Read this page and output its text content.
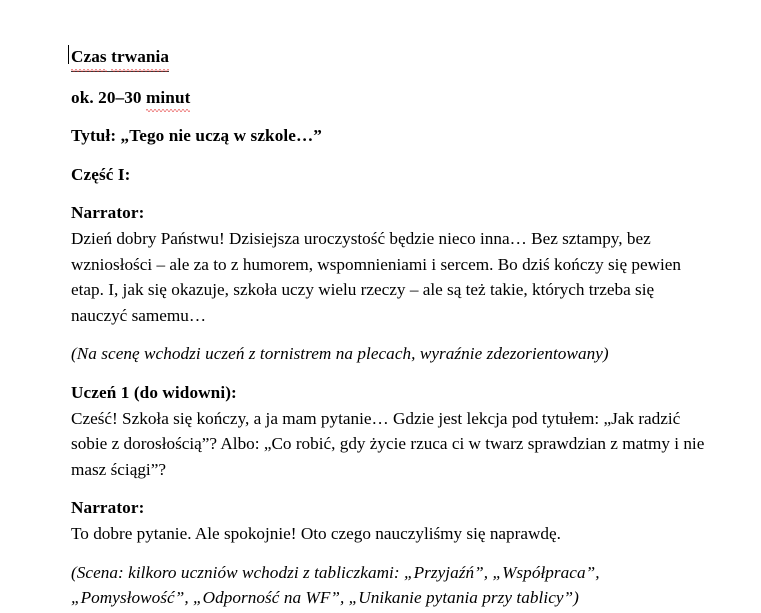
Czas trwania

ok. 20–30 minut

Tytuł: „Tego nie uczą w szkole…”

Część I:

Narrator:
Dzień dobry Państwu! Dzisiejsza uroczystość będzie nieco inna… Bez sztampy, bez wzniosłości – ale za to z humorem, wspomnieniami i sercem. Bo dziś kończy się pewien etap. I, jak się okazuje, szkoła uczy wielu rzeczy – ale są też takie, których trzeba się nauczyć samemu…

(Na scenę wchodzi uczeń z tornistrem na plecach, wyraźnie zdezorientowany)

Uczeń 1 (do widowni):
Cześć! Szkoła się kończy, a ja mam pytanie… Gdzie jest lekcja pod tytułem: „Jak radzić sobie z dorosłością”? Albo: „Co robić, gdy życie rzuca ci w twarz sprawdzian z matmy i nie masz ściągi”?
Narrator:
To dobre pytanie. Ale spokojnie! Oto czego nauczyliśmy się naprawdę.

(Scena: kilkoro uczniów wchodzi z tabliczkami: „Przyjaźń”, „Współpraca”, „Pomysłowość”, „Odporność na WF”, „Unikanie pytania przy tablicy”)
